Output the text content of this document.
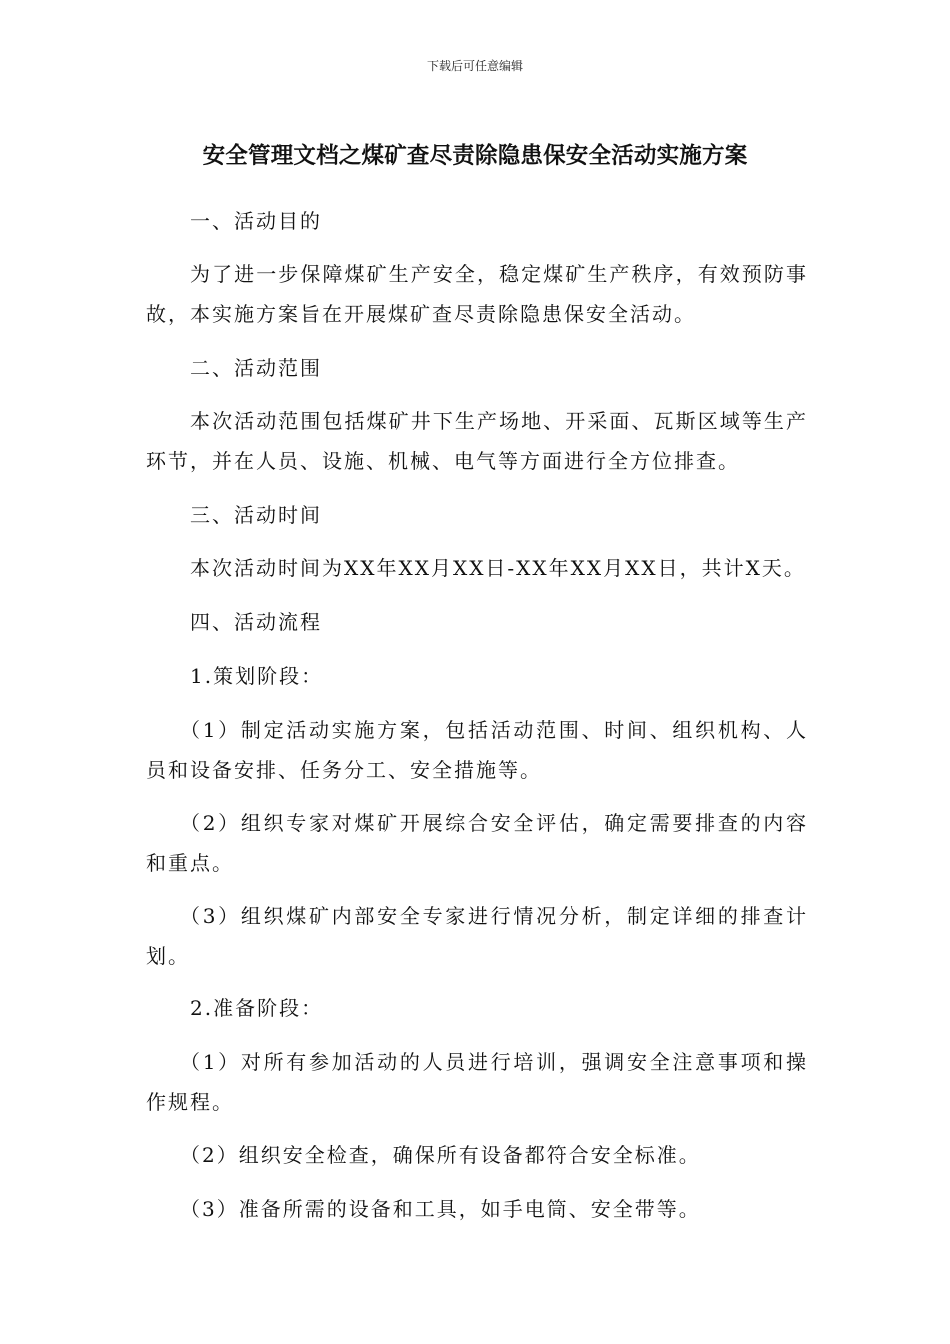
下载后可任意编辑
安全管理文档之煤矿查尽责除隐患保安全活动实施方案

一、活动目的

为了进一步保障煤矿生产安全，稳定煤矿生产秩序，有效预防事故，本实施方案旨在开展煤矿查尽责除隐患保安全活动。

二、活动范围

本次活动范围包括煤矿井下生产场地、开采面、瓦斯区域等生产环节，并在人员、设施、机械、电气等方面进行全方位排查。

三、活动时间

本次活动时间为XX年XX月XX日-XX年XX月XX日，共计X天。

四、活动流程

1.策划阶段：

（1）制定活动实施方案，包括活动范围、时间、组织机构、人员和设备安排、任务分工、安全措施等。

（2）组织专家对煤矿开展综合安全评估，确定需要排查的内容和重点。

（3）组织煤矿内部安全专家进行情况分析，制定详细的排查计划。

2.准备阶段：

（1）对所有参加活动的人员进行培训，强调安全注意事项和操作规程。

（2）组织安全检查，确保所有设备都符合安全标准。

（3）准备所需的设备和工具，如手电筒、安全带等。
